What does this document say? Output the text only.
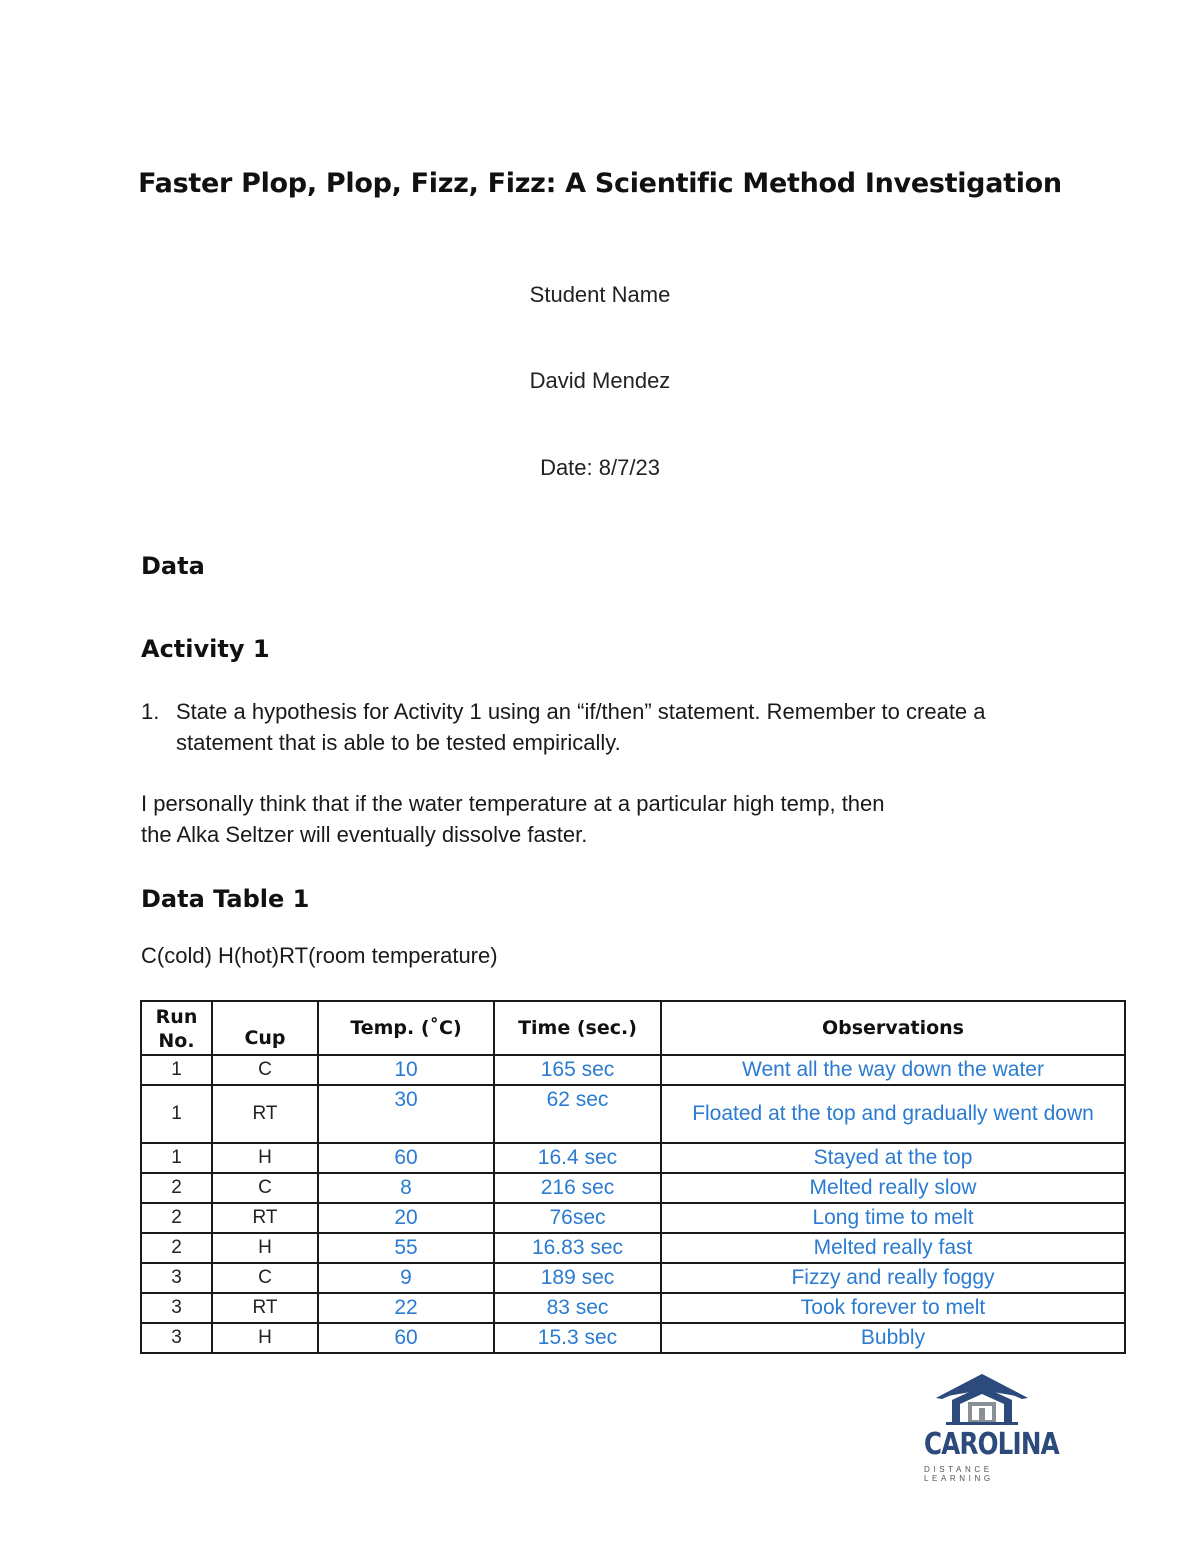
Faster Plop, Plop, Fizz, Fizz: A Scientific Method Investigation
Student Name
David Mendez
Date: 8/7/23
Data
Activity 1
1. State a hypothesis for Activity 1 using an “if/then” statement. Remember to create a statement that is able to be tested empirically.
I personally think that if the water temperature at a particular high temp, then
the Alka Seltzer will eventually dissolve faster.
Data Table 1
C(cold) H(hot)RT(room temperature)
Run
No.	Cup	Temp. (˚C)	Time (sec.)	Observations
1	C	10	165 sec	Went all the way down the water
1	RT	30	62 sec	Floated at the top and gradually went down
1	H	60	16.4 sec	Stayed at the top
2	C	8	216 sec	Melted really slow
2	RT	20	76sec	Long time to melt
2	H	55	16.83 sec	Melted really fast
3	C	9	189 sec	Fizzy and really foggy
3	RT	22	83 sec	Took forever to melt
3	H	60	15.3 sec	Bubbly
CAROLINA
DISTANCE LEARNING
